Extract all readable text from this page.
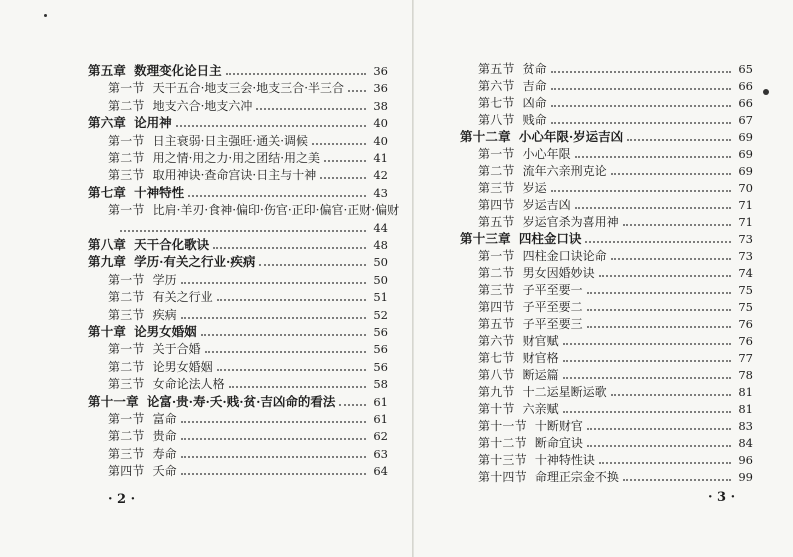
第五章 数理变化论日主	36
第一节 天干五合·地支三会·地支三合·半三合	36
第二节 地支六合·地支六冲	38
第六章 论用神	40
第一节 日主衰弱·日主强旺·通关·调候	40
第二节 用之情·用之力·用之团结·用之美	41
第三节 取用神诀·查命宫诀·日主与十神	42
第七章 十神特性	43
第一节 比肩·羊刃·食神·偏印·伤官·正印·偏官·正财·偏财
44
第八章 天干合化歌诀	48
第九章 学历·有关之行业·疾病	50
第一节 学历	50
第二节 有关之行业	51
第三节 疾病	52
第十章 论男女婚姻	56
第一节 关于合婚	56
第二节 论男女婚姻	56
第三节 女命论法人格	58
第十一章 论富·贵·寿·夭·贱·贫·吉凶命的看法	61
第一节 富命	61
第二节 贵命	62
第三节 寿命	63
第四节 夭命	64
· 2 ·
第五节 贫命	65
第六节 吉命	66
第七节 凶命	66
第八节 贱命	67
第十二章 小心年限·岁运吉凶	69
第一节 小心年限	69
第二节 流年六亲刑克论	69
第三节 岁运	70
第四节 岁运吉凶	71
第五节 岁运官杀为喜用神	71
第十三章 四柱金口诀	73
第一节 四柱金口诀论命	73
第二节 男女因婚妙诀	74
第三节 子平至要一	75
第四节 子平至要二	75
第五节 子平至要三	76
第六节 财官赋	76
第七节 财官格	77
第八节 断运篇	78
第九节 十二运星断运歌	81
第十节 六亲赋	81
第十一节 十断财官	83
第十二节 断命宜诀	84
第十三节 十神特性诀	96
第十四节 命理正宗金不换	99
· 3 ·
